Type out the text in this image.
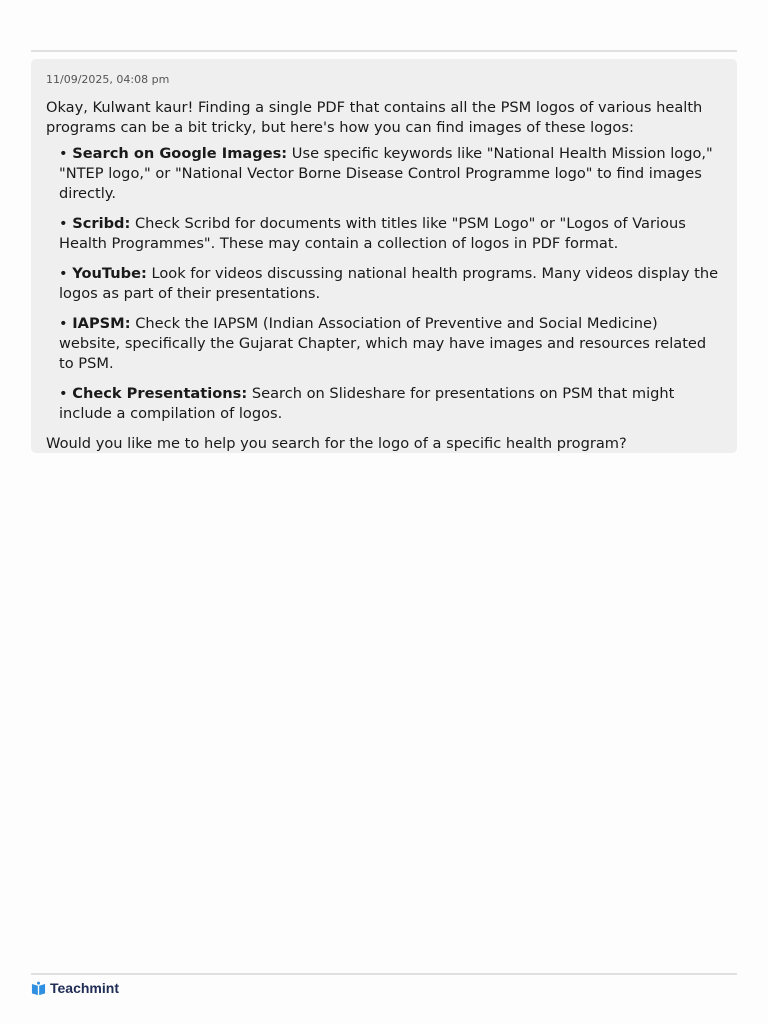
11/09/2025, 04:08 pm

Okay, Kulwant kaur! Finding a single PDF that contains all the PSM logos of various health programs can be a bit tricky, but here's how you can find images of these logos:

• Search on Google Images: Use specific keywords like "National Health Mission logo," "NTEP logo," or "National Vector Borne Disease Control Programme logo" to find images directly.
• Scribd: Check Scribd for documents with titles like "PSM Logo" or "Logos of Various Health Programmes". These may contain a collection of logos in PDF format.
• YouTube: Look for videos discussing national health programs. Many videos display the logos as part of their presentations.
• IAPSM: Check the IAPSM (Indian Association of Preventive and Social Medicine) website, specifically the Gujarat Chapter, which may have images and resources related to PSM.
• Check Presentations: Search on Slideshare for presentations on PSM that might include a compilation of logos.

Would you like me to help you search for the logo of a specific health program?

Teachmint
